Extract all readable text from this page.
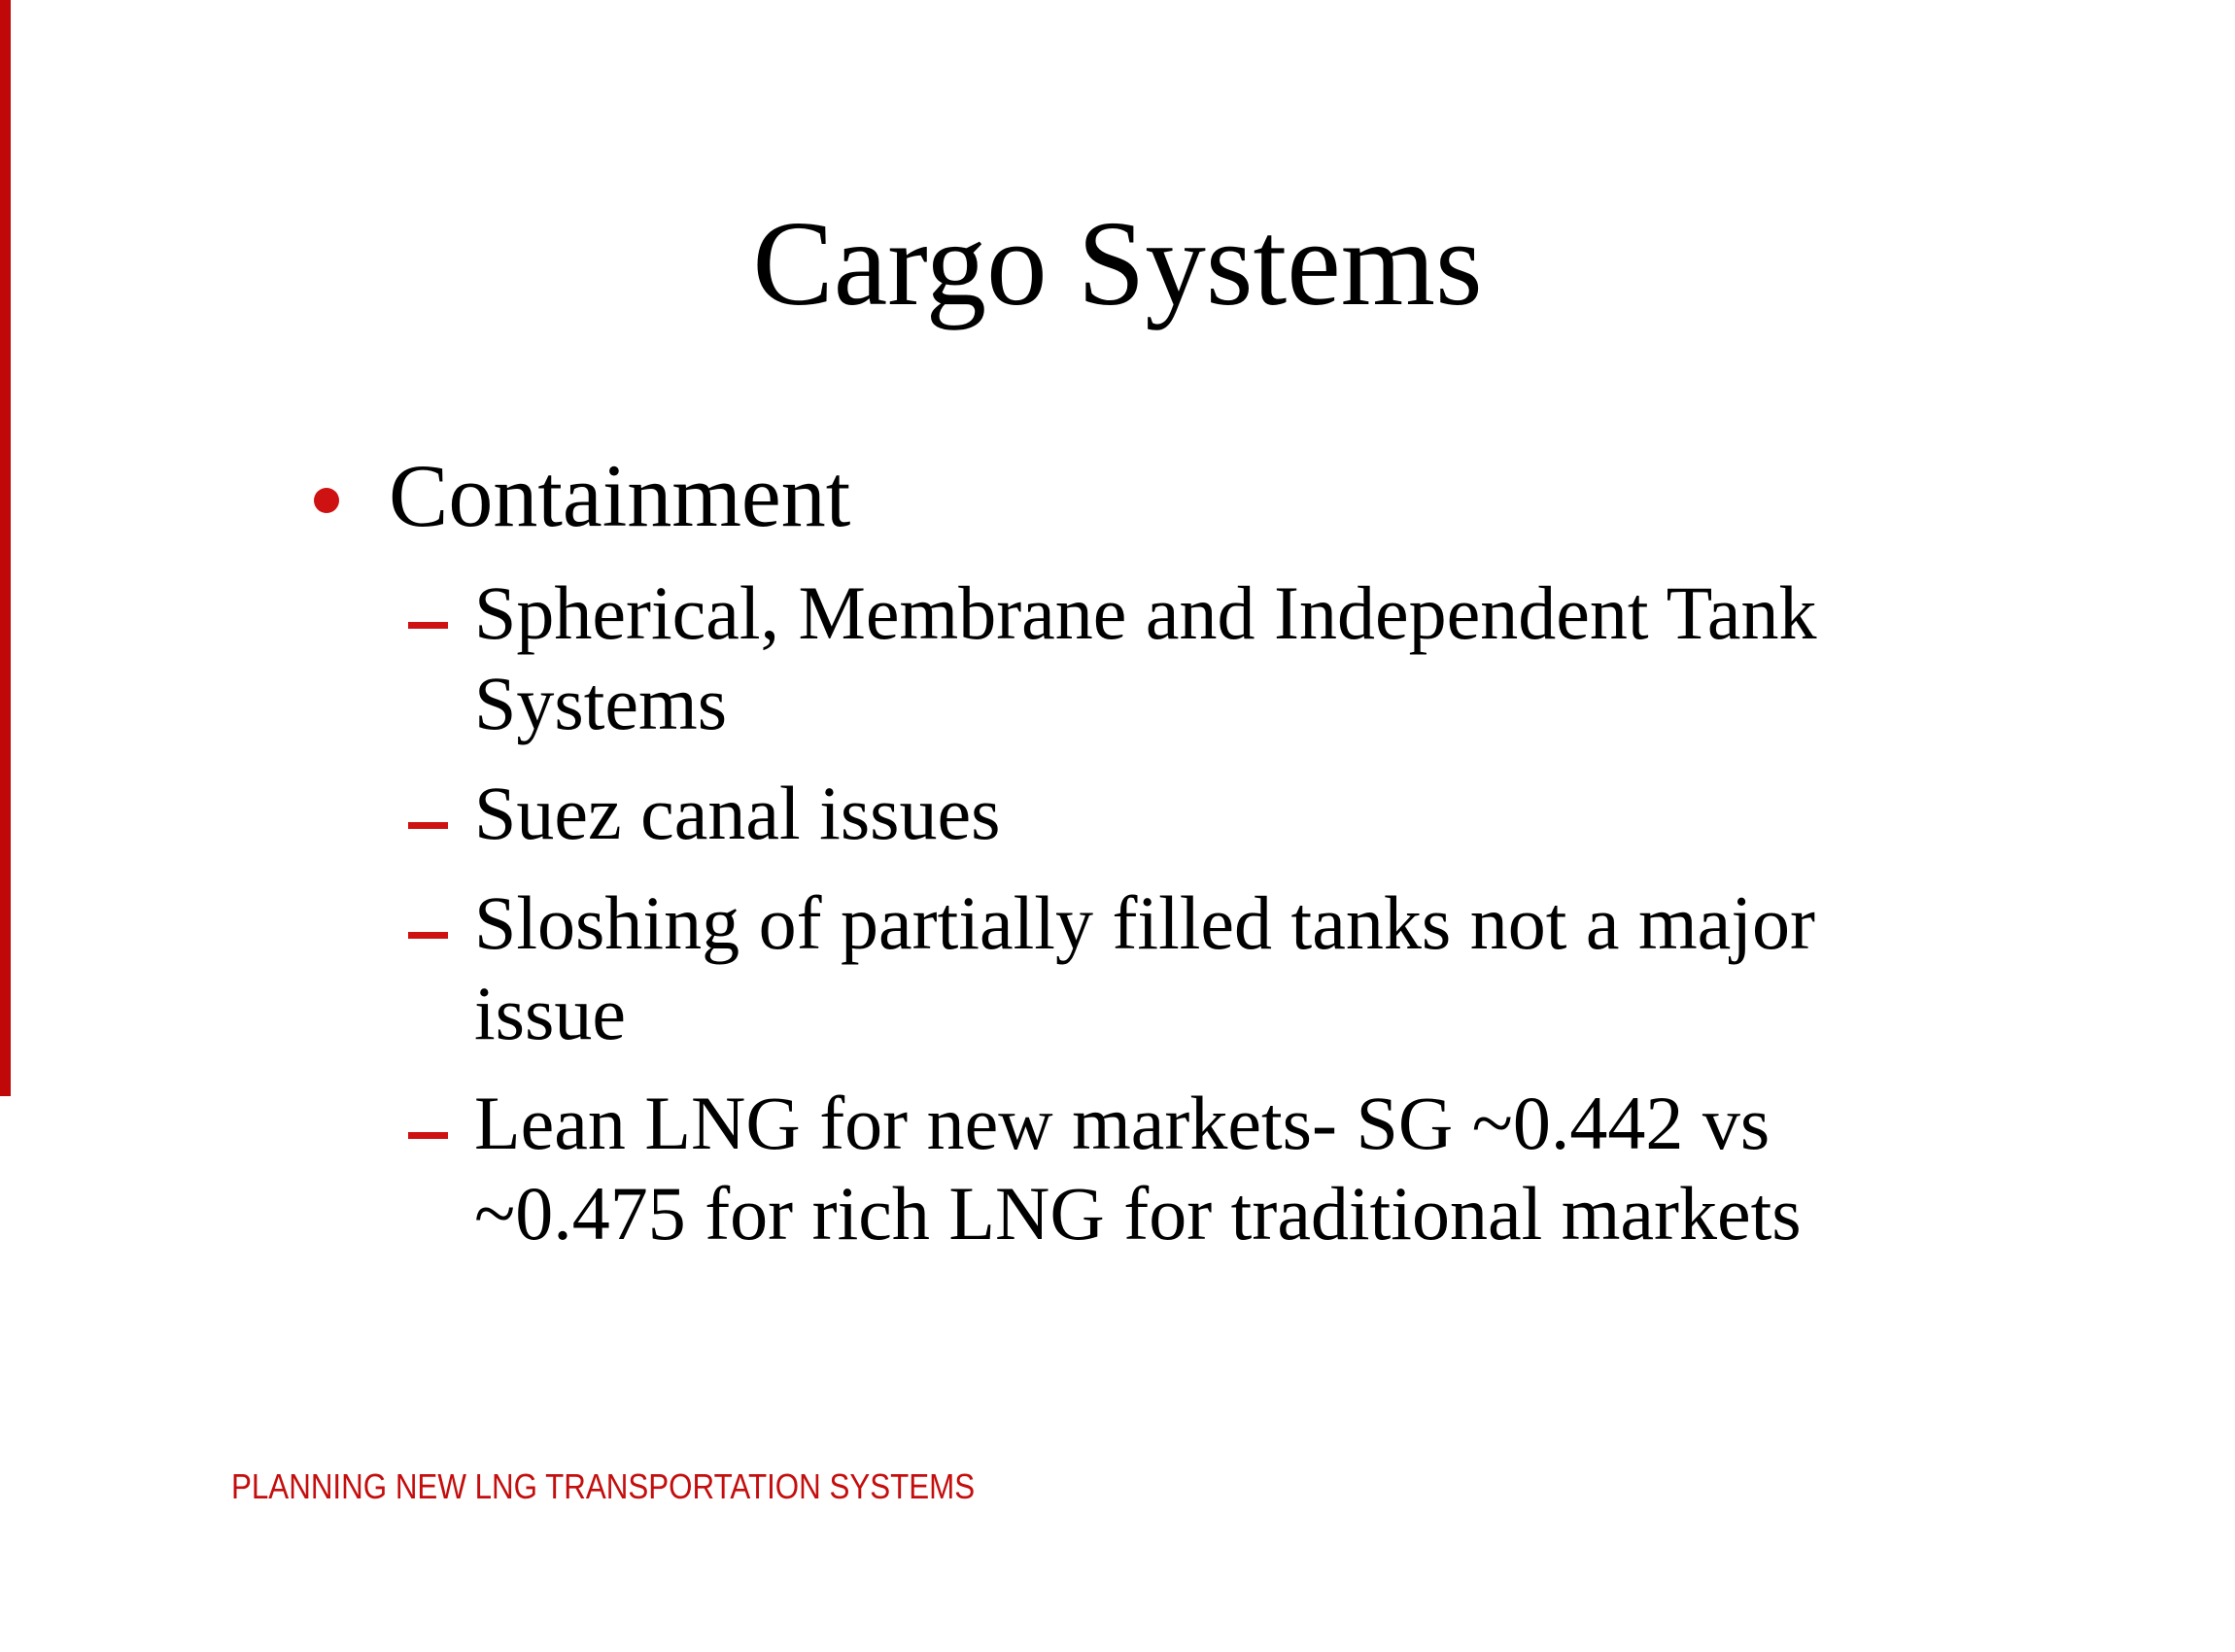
Cargo Systems
Containment
Spherical, Membrane and Independent Tank
Systems
Suez canal issues
Sloshing of partially filled tanks not a major
issue
Lean LNG for new markets- SG ~0.442 vs
~0.475 for rich LNG for traditional markets
PLANNING NEW LNG TRANSPORTATION SYSTEMS
